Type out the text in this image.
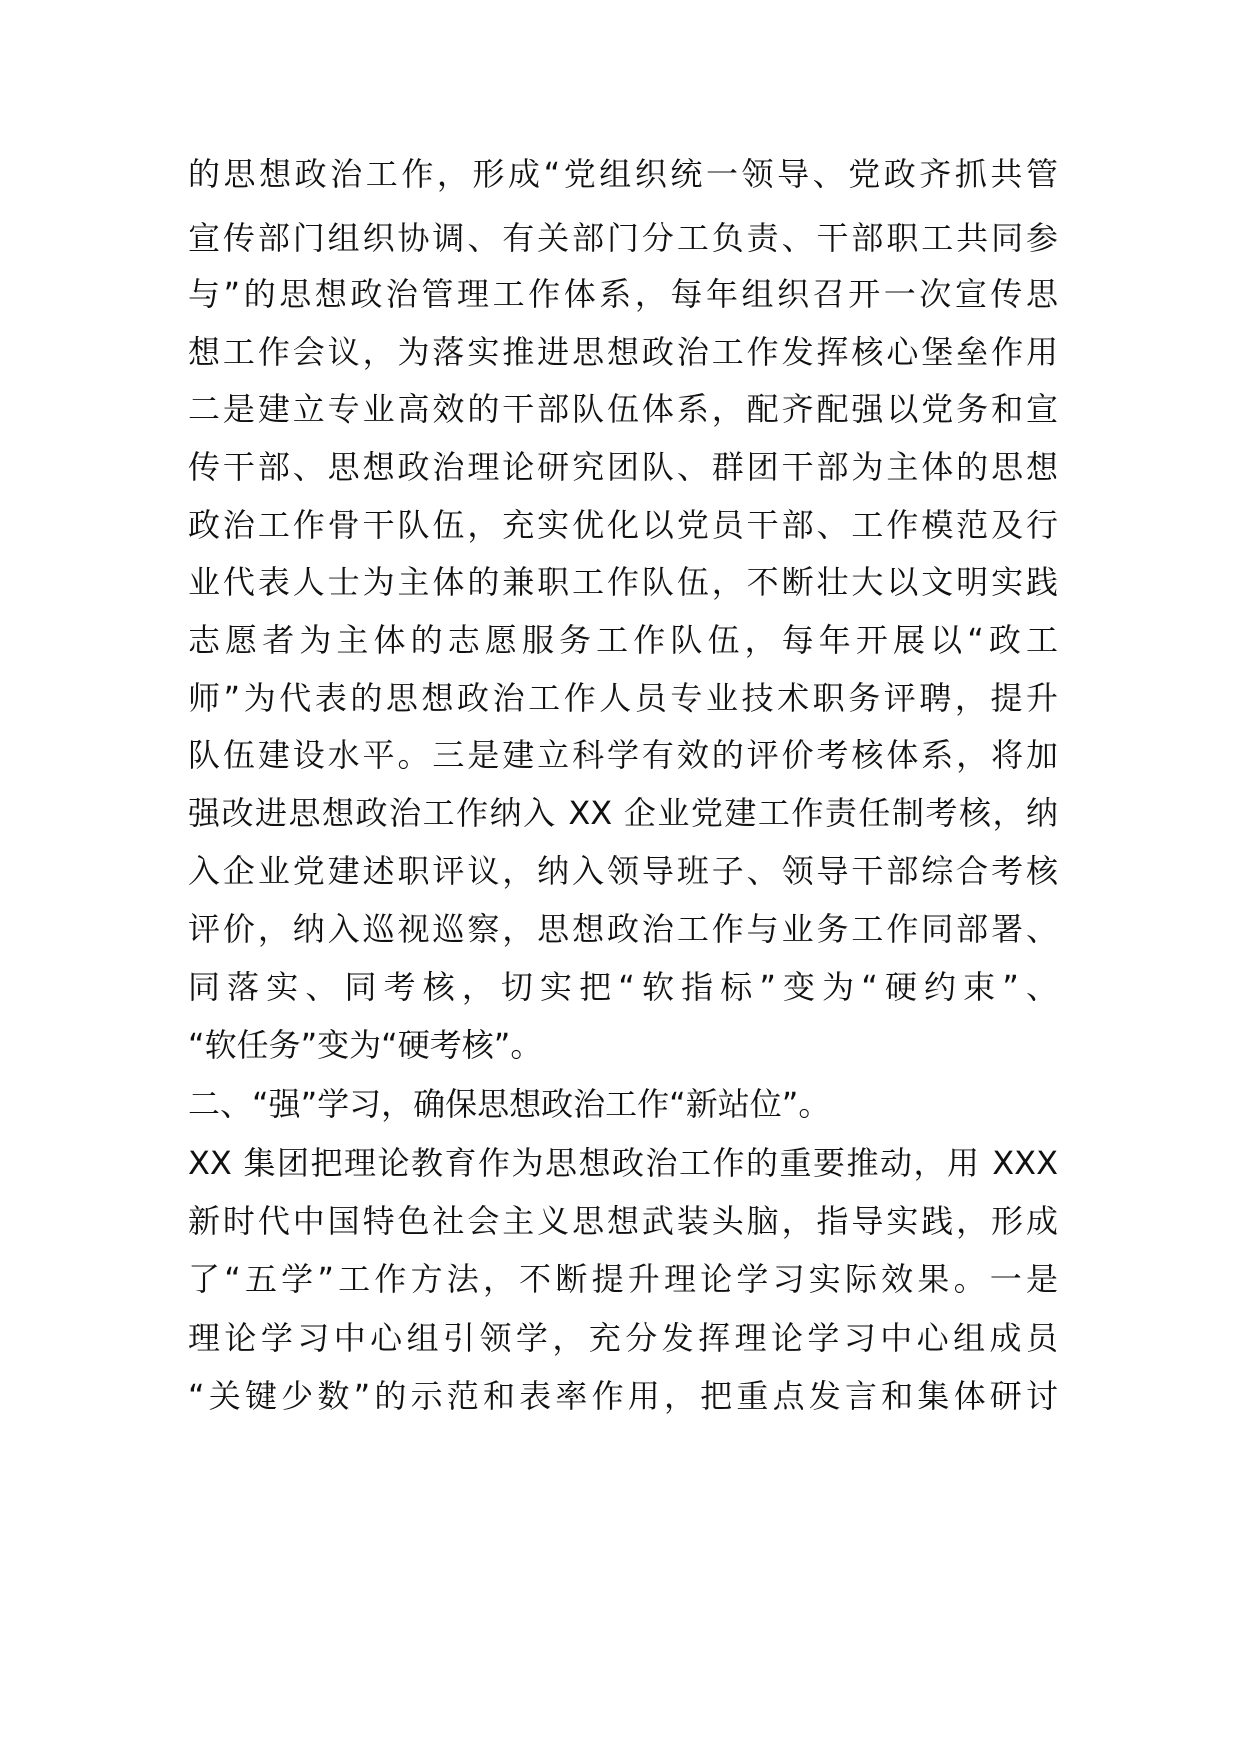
的思想政治工作，形成“党组织统一领导、党政齐抓共管
宣传部门组织协调、有关部门分工负责、干部职工共同参
与”的思想政治管理工作体系，每年组织召开一次宣传思
想工作会议，为落实推进思想政治工作发挥核心堡垒作用
二是建立专业高效的干部队伍体系，配齐配强以党务和宣
传干部、思想政治理论研究团队、群团干部为主体的思想
政治工作骨干队伍，充实优化以党员干部、工作模范及行
业代表人士为主体的兼职工作队伍，不断壮大以文明实践
志愿者为主体的志愿服务工作队伍，每年开展以“政工
师”为代表的思想政治工作人员专业技术职务评聘，提升
队伍建设水平。三是建立科学有效的评价考核体系，将加
强改进思想政治工作纳入 XX 企业党建工作责任制考核，纳
入企业党建述职评议，纳入领导班子、领导干部综合考核
评价，纳入巡视巡察，思想政治工作与业务工作同部署、
同落实、同考核，切实把“软指标”变为“硬约束”、
“软任务”变为“硬考核”。
二、“强”学习，确保思想政治工作“新站位”。
XX 集团把理论教育作为思想政治工作的重要推动，用 XXX
新时代中国特色社会主义思想武装头脑，指导实践，形成
了“五学”工作方法，不断提升理论学习实际效果。一是
理论学习中心组引领学，充分发挥理论学习中心组成员
“关键少数”的示范和表率作用，把重点发言和集体研讨
